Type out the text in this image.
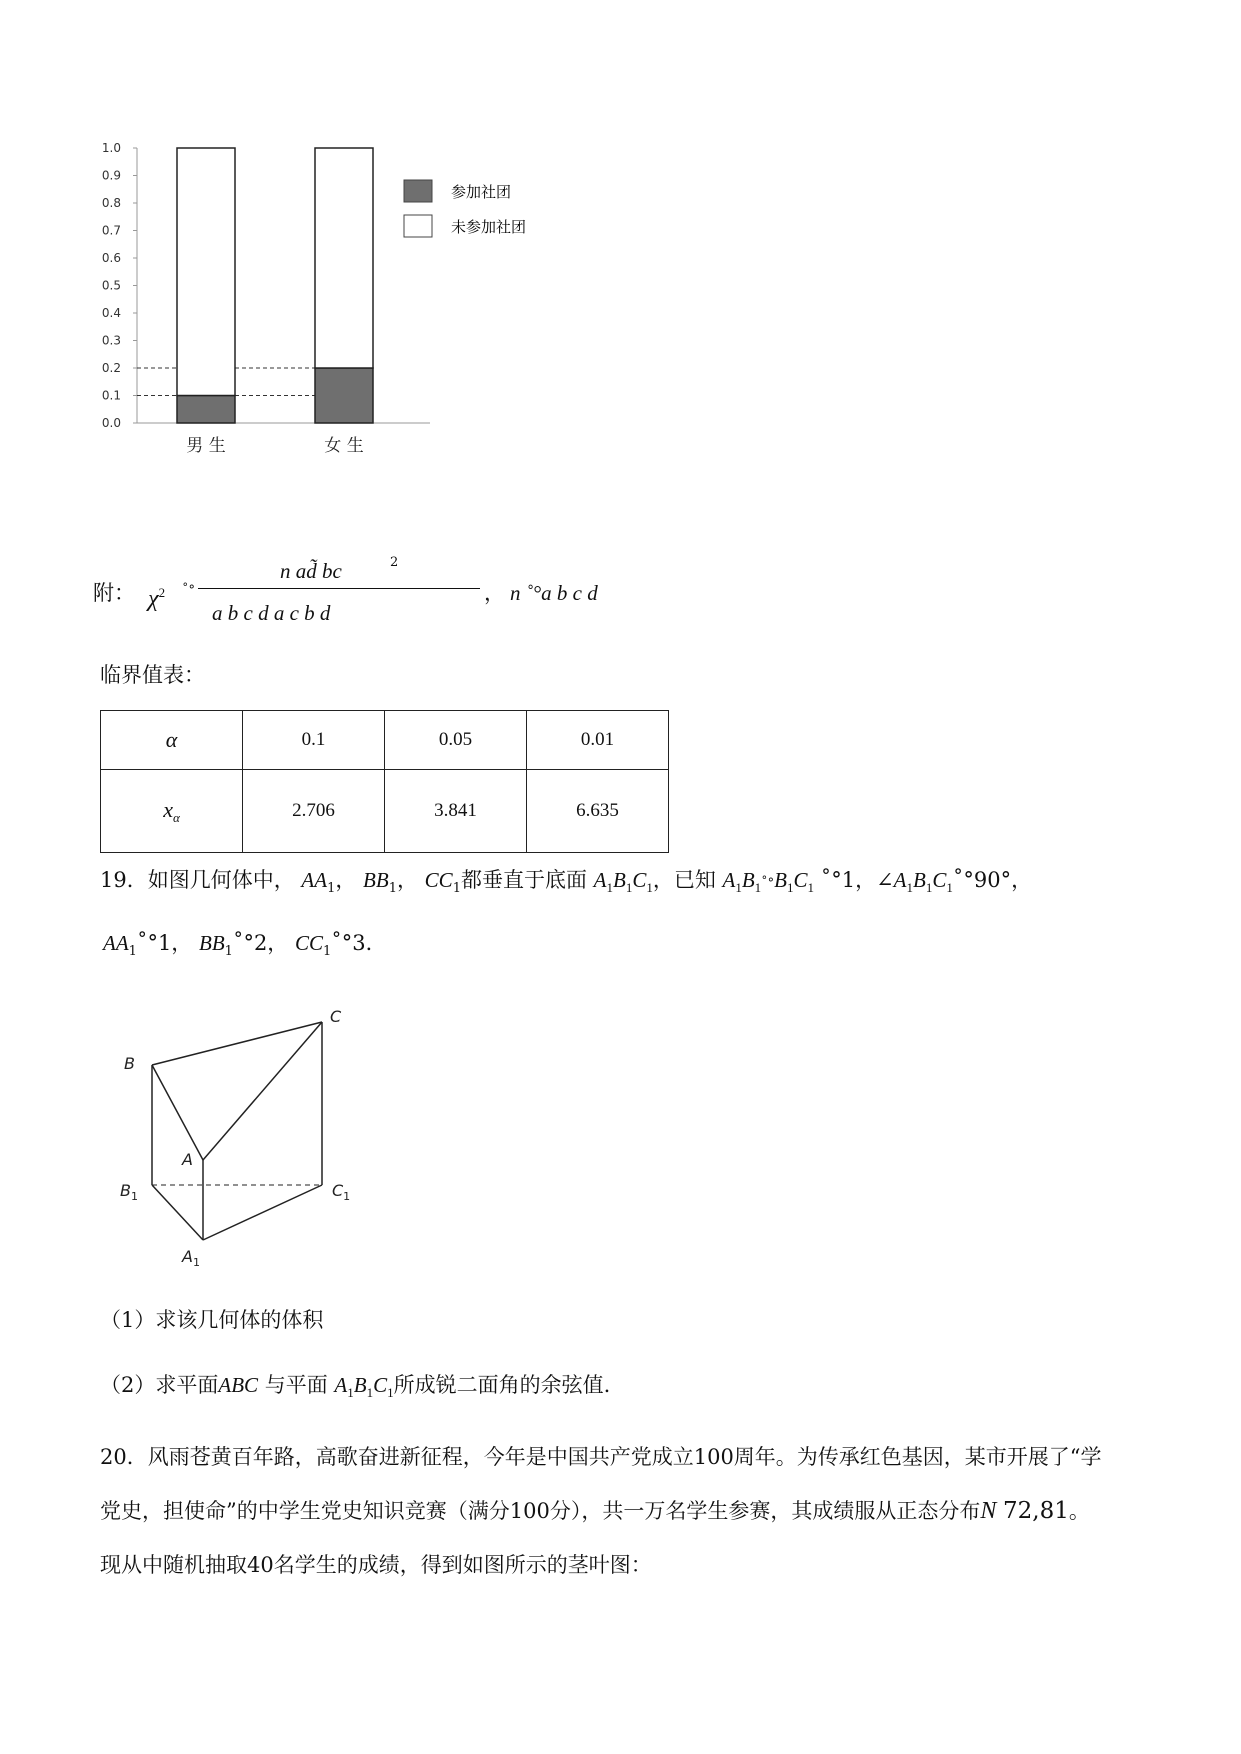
0.0
0.1
0.2
0.3
0.4
0.5
0.6
0.7
0.8
0.9
1.0
男 生	女 生
参加社团
未参加社团
附： $\chi^2$ ˚°
n ad̃ bc	2
a b c d a c b d
， n ˚°a b c d
临界值表：
α	0.1	0.05	0.01
$x_\alpha$	2.706	3.841	6.635
19．如图几何体中， $AA_1$， $BB_1$， $CC_1$都垂直于底面 $A_1B_1C_1$，已知 $A_1B_1˚^\circ B_1C_1$ ˚°1，$\angle A_1B_1C_1˚^\circ 90^\circ$，
$AA_1˚^\circ 1$， $BB_1˚^\circ 2$， $CC_1˚^\circ 3$．
B
C
A
$B_1$	$C_1$
$A_1$
（1）求该几何体的体积
（2）求平面ABC 与平面 $A_1B_1C_1$所成锐二面角的余弦值.
20．风雨苍黄百年路，高歌奋进新征程，今年是中国共产党成立100周年。为传承红色基因，某市开展了“学
党史，担使命”的中学生党史知识竞赛（满分100分），共一万名学生参赛，其成绩服从正态分布N 72,81。
现从中随机抽取40名学生的成绩，得到如图所示的茎叶图：
